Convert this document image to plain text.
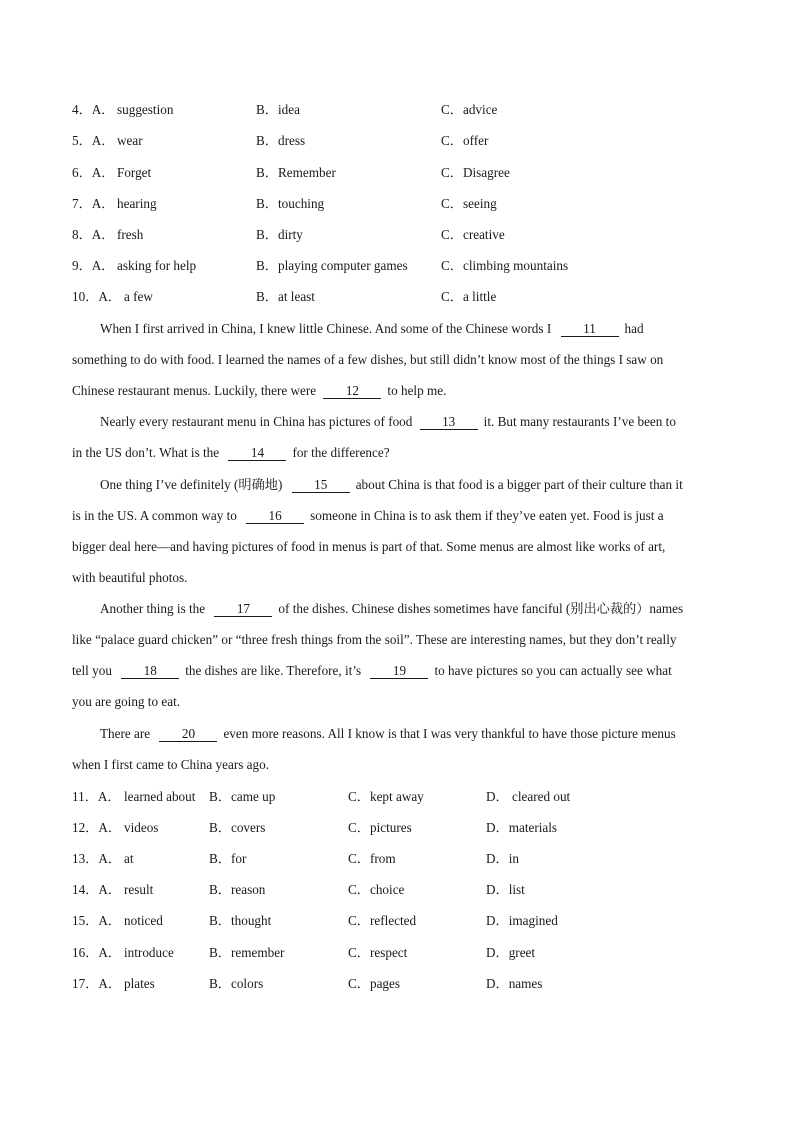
4．A． suggestion	B．idea	C．advice
5．A． wear	B．dress	C．offer
6．A． Forget	B．Remember	C．Disagree
7．A． hearing	B．touching	C．seeing
8．A． fresh	B．dirty	C．creative
9．A． asking for help	B．playing computer games	C．climbing mountains
10．A． a few	B．at least	C．a little
When I first arrived in China, I knew little Chinese. And some of the Chinese words I 11 had
something to do with food. I learned the names of a few dishes, but still didn’t know most of the things I saw on
Chinese restaurant menus. Luckily, there were 12 to help me.
Nearly every restaurant menu in China has pictures of food 13 it. But many restaurants I’ve been to
in the US don’t. What is the 14 for the difference?
One thing I’ve definitely (明确地) 15 about China is that food is a bigger part of their culture than it
is in the US. A common way to 16 someone in China is to ask them if they’ve eaten yet. Food is just a
bigger deal here—and having pictures of food in menus is part of that. Some menus are almost like works of art,
with beautiful photos.
Another thing is the 17 of the dishes. Chinese dishes sometimes have fanciful (别出心裁的）names
like “palace guard chicken” or “three fresh things from the soil”. These are interesting names, but they don’t really
tell you 18 the dishes are like. Therefore, it’s 19 to have pictures so you can actually see what
you are going to eat.
There are 20 even more reasons. All I know is that I was very thankful to have those picture menus
when I first came to China years ago.
11．A． learned about B．came up	C．kept away	D． cleared out
12．A． videos	B．covers	C．pictures	D．materials
13．A． at	B．for	C．from	D．in
14．A． result	B．reason	C．choice	D．list
15．A． noticed	B．thought	C．reflected	D．imagined
16．A． introduce	B．remember	C．respect	D．greet
17．A． plates	B．colors	C．pages	D．names
